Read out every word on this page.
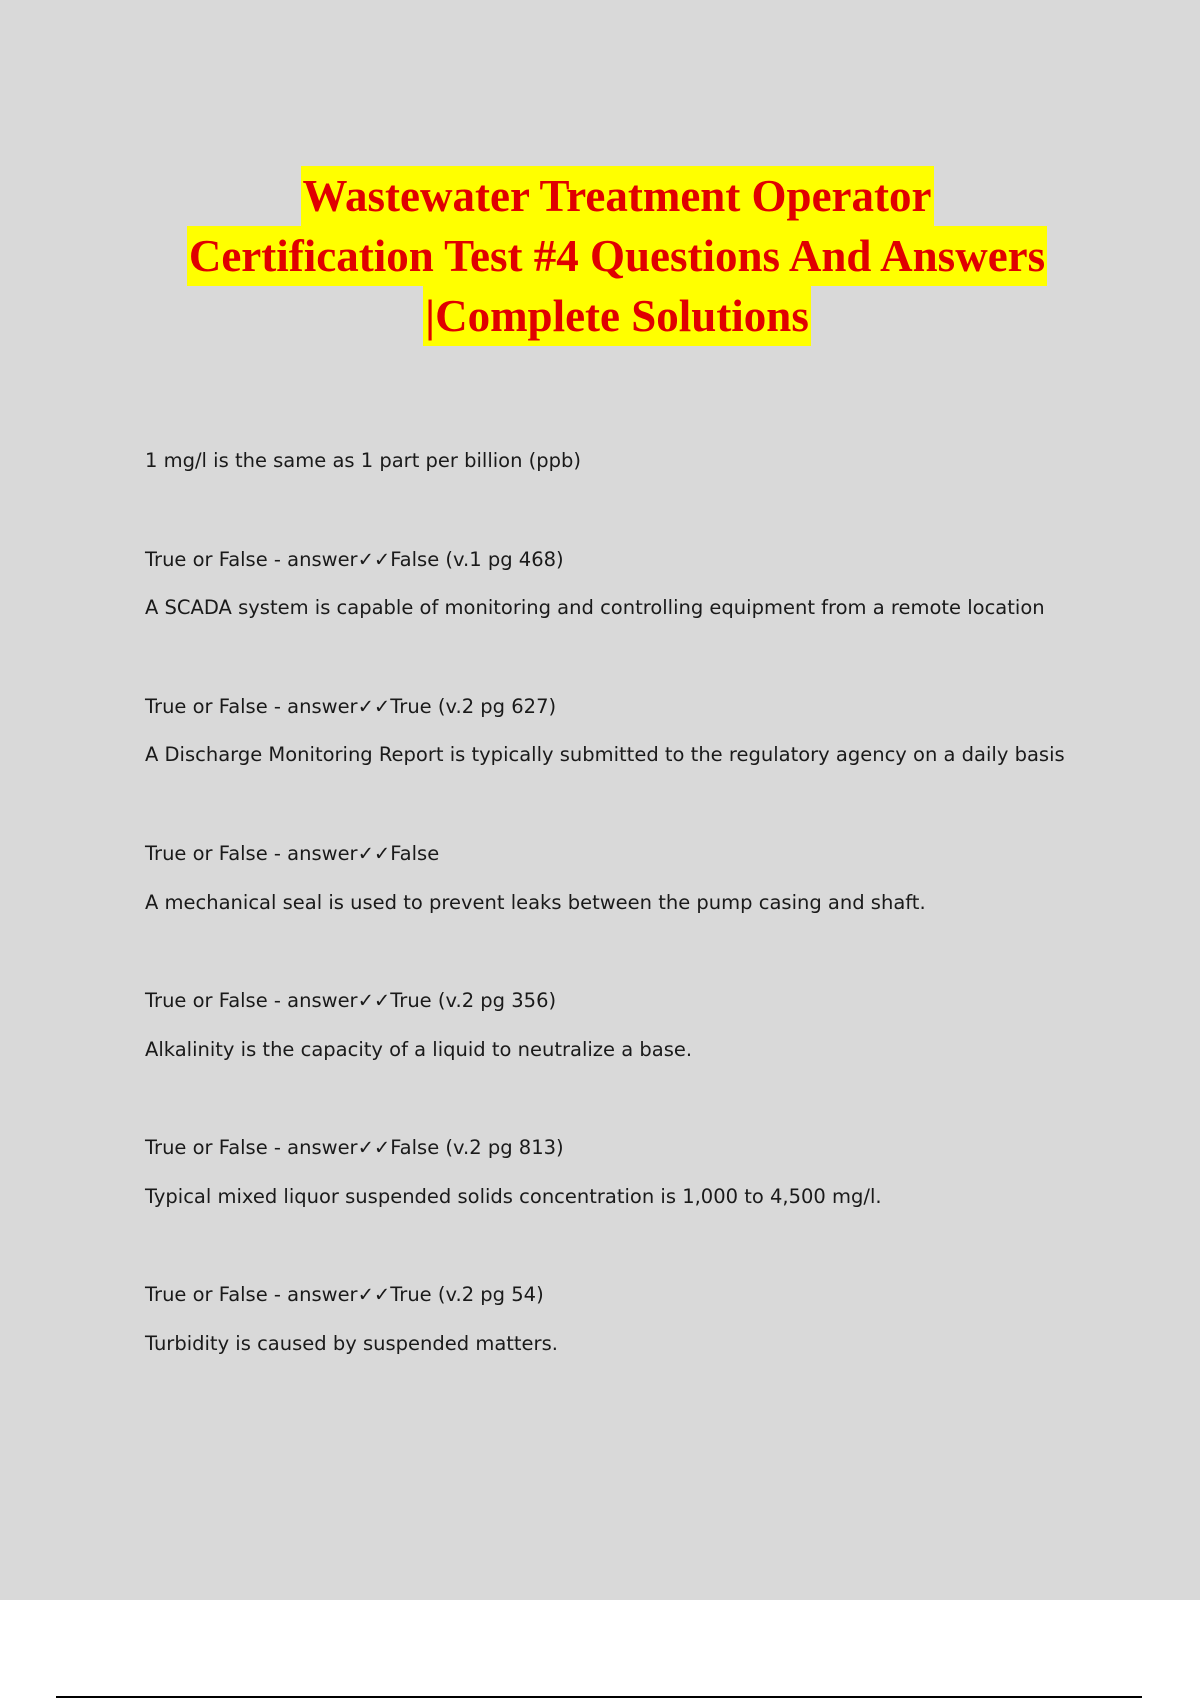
Wastewater Treatment Operator
Certification Test #4 Questions And Answers
|Complete Solutions
1 mg/l is the same as 1 part per billion (ppb)
True or False - answer✓✓False (v.1 pg 468)
A SCADA system is capable of monitoring and controlling equipment from a remote location
True or False - answer✓✓True (v.2 pg 627)
A Discharge Monitoring Report is typically submitted to the regulatory agency on a daily basis
True or False - answer✓✓False
A mechanical seal is used to prevent leaks between the pump casing and shaft.
True or False - answer✓✓True (v.2 pg 356)
Alkalinity is the capacity of a liquid to neutralize a base.
True or False - answer✓✓False (v.2 pg 813)
Typical mixed liquor suspended solids concentration is 1,000 to 4,500 mg/l.
True or False - answer✓✓True (v.2 pg 54)
Turbidity is caused by suspended matters.
